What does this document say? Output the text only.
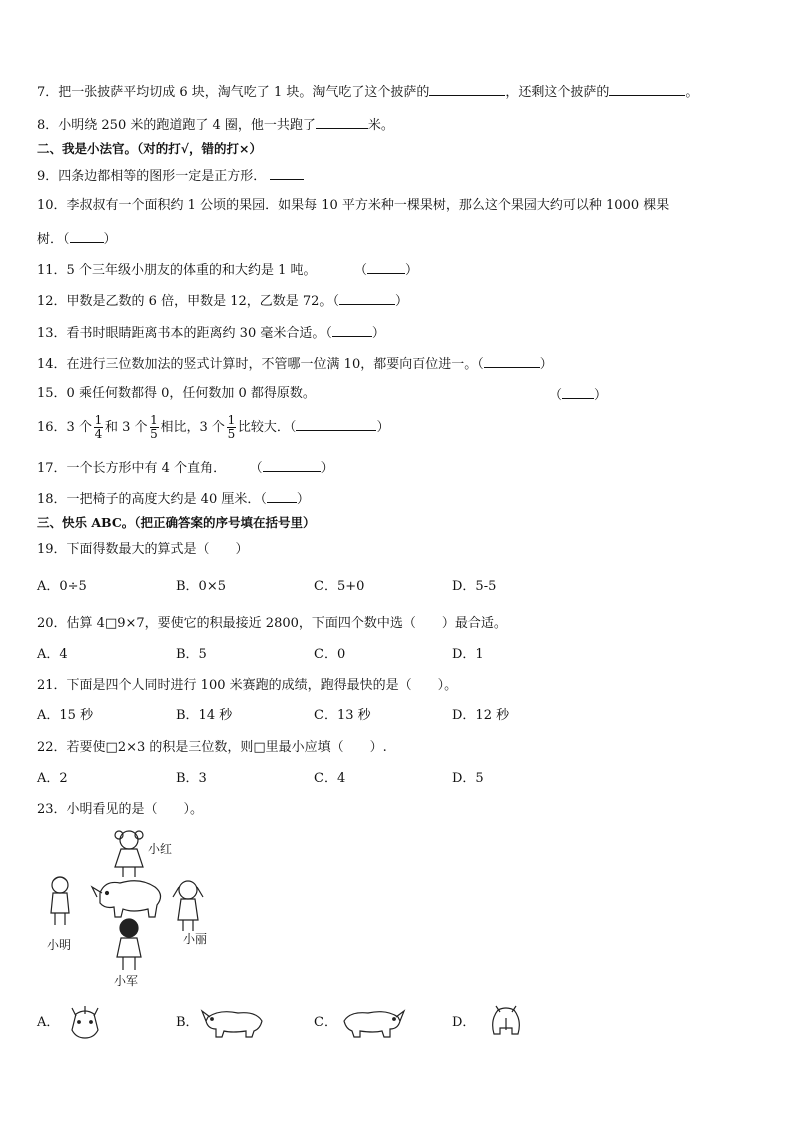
7．把一张披萨平均切成 6 块，淘气吃了 1 块。淘气吃了这个披萨的	，还剩这个披萨的	。
8．小明绕 250 米的跑道跑了 4 圈，他一共跑了	米。
二、我是小法官。（对的打√，错的打×）
9．四条边都相等的图形一定是正方形．
10．李叔叔有一个面积约 1 公顷的果园．如果每 10 平方米种一棵果树，那么这个果园大约可以种 1000 棵果
树．（	）
11．5 个三年级小朋友的体重的和大约是 1 吨。	（	）
12．甲数是乙数的 6 倍，甲数是 12，乙数是 72。（	）
13．看书时眼睛距离书本的距离约 30 毫米合适。（	）
14．在进行三位数加法的竖式计算时，不管哪一位满 10，都要向百位进一。（	）
15．0 乘任何数都得 0，任何数加 0 都得原数。	（ ）
16．3 个 $\frac{1}{4}$ 和 3 个 $\frac{1}{5}$ 相比，3 个 $\frac{1}{5}$ 比较大．（	）
17．一个长方形中有 4 个直角． （	）
18．一把椅子的高度大约是 40 厘米．（ ）
三、快乐 ABC。（把正确答案的序号填在括号里）
19．下面得数最大的算式是（　　）
A．0÷5	B．0×5	C．5+0	D．5-5
20．估算 4□9×7，要使它的积最接近 2800，下面四个数中选（　　）最合适。
A．4	B．5	C．0	D．1
21．下面是四个人同时进行 100 米赛跑的成绩，跑得最快的是（　　）。
A．15 秒	B．14 秒	C．13 秒	D．12 秒
22．若要使□2×3 的积是三位数，则□里最小应填（　　）.
A．2	B．3	C．4	D．5
23．小明看见的是（　　）。
小红
小明	小丽
小军
A．	B．	C．	D．
